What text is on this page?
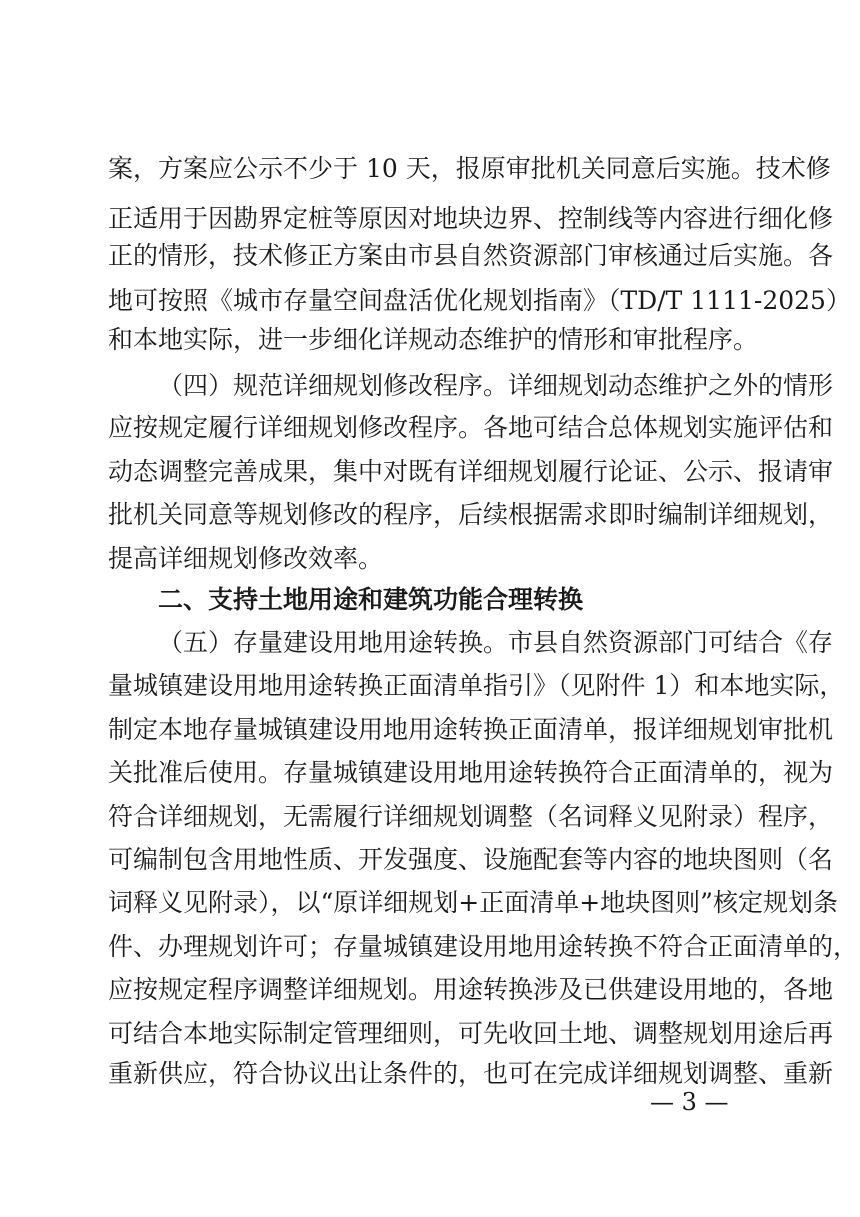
案，方案应公示不少于 10 天，报原审批机关同意后实施。技术修
正适用于因勘界定桩等原因对地块边界、控制线等内容进行细化修
正的情形，技术修正方案由市县自然资源部门审核通过后实施。各
地可按照《城市存量空间盘活优化规划指南》（TD/T 1111-2025）
和本地实际，进一步细化详规动态维护的情形和审批程序。
（四）规范详细规划修改程序。详细规划动态维护之外的情形
应按规定履行详细规划修改程序。各地可结合总体规划实施评估和
动态调整完善成果，集中对既有详细规划履行论证、公示、报请审
批机关同意等规划修改的程序，后续根据需求即时编制详细规划，
提高详细规划修改效率。
二、支持土地用途和建筑功能合理转换
（五）存量建设用地用途转换。市县自然资源部门可结合《存
量城镇建设用地用途转换正面清单指引》（见附件 1）和本地实际，
制定本地存量城镇建设用地用途转换正面清单，报详细规划审批机
关批准后使用。存量城镇建设用地用途转换符合正面清单的，视为
符合详细规划，无需履行详细规划调整（名词释义见附录）程序，
可编制包含用地性质、开发强度、设施配套等内容的地块图则（名
词释义见附录），以“原详细规划+正面清单+地块图则”核定规划条
件、办理规划许可；存量城镇建设用地用途转换不符合正面清单的，
应按规定程序调整详细规划。用途转换涉及已供建设用地的，各地
可结合本地实际制定管理细则，可先收回土地、调整规划用途后再
重新供应，符合协议出让条件的，也可在完成详细规划调整、重新
— 3 —
